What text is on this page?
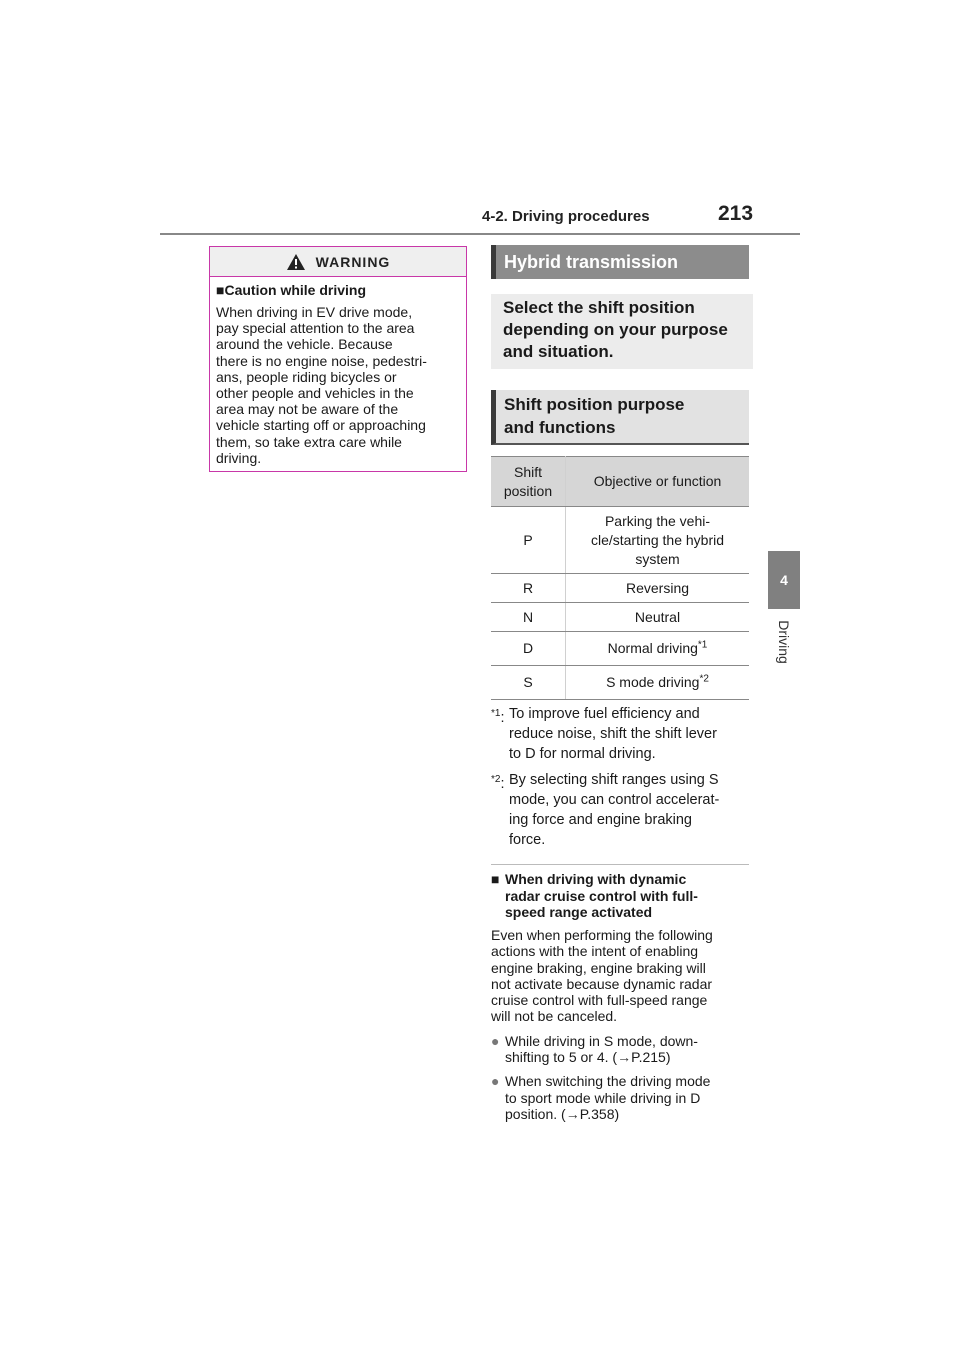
4-2. Driving procedures	213
4
Driving
WARNING
■Caution while driving
When driving in EV drive mode,
pay special attention to the area
around the vehicle. Because
there is no engine noise, pedestri-
ans, people riding bicycles or
other people and vehicles in the
area may not be aware of the
vehicle starting off or approaching
them, so take extra care while
driving.
Hybrid transmission
Select the shift position
depending on your purpose
and situation.
Shift position purpose
and functions
Shift
position	Objective or function
P	Parking the vehi-
cle/starting the hybrid
system

R	Reversing

N	Neutral

D	Normal driving$^{*1}$

S	S mode driving$^{*2}$
$^{*1}$: To improve fuel efficiency and
reduce noise, shift the shift lever
to D for normal driving.
$^{*2}$: By selecting shift ranges using S
mode, you can control accelerat-
ing force and engine braking
force.
■ When driving with dynamic
radar cruise control with full-
speed range activated
Even when performing the following
actions with the intent of enabling
engine braking, engine braking will
not activate because dynamic radar
cruise control with full-speed range
will not be canceled.
● While driving in S mode, down-
shifting to 5 or 4. (→P.215)
● When switching the driving mode
to sport mode while driving in D
position. (→P.358)
